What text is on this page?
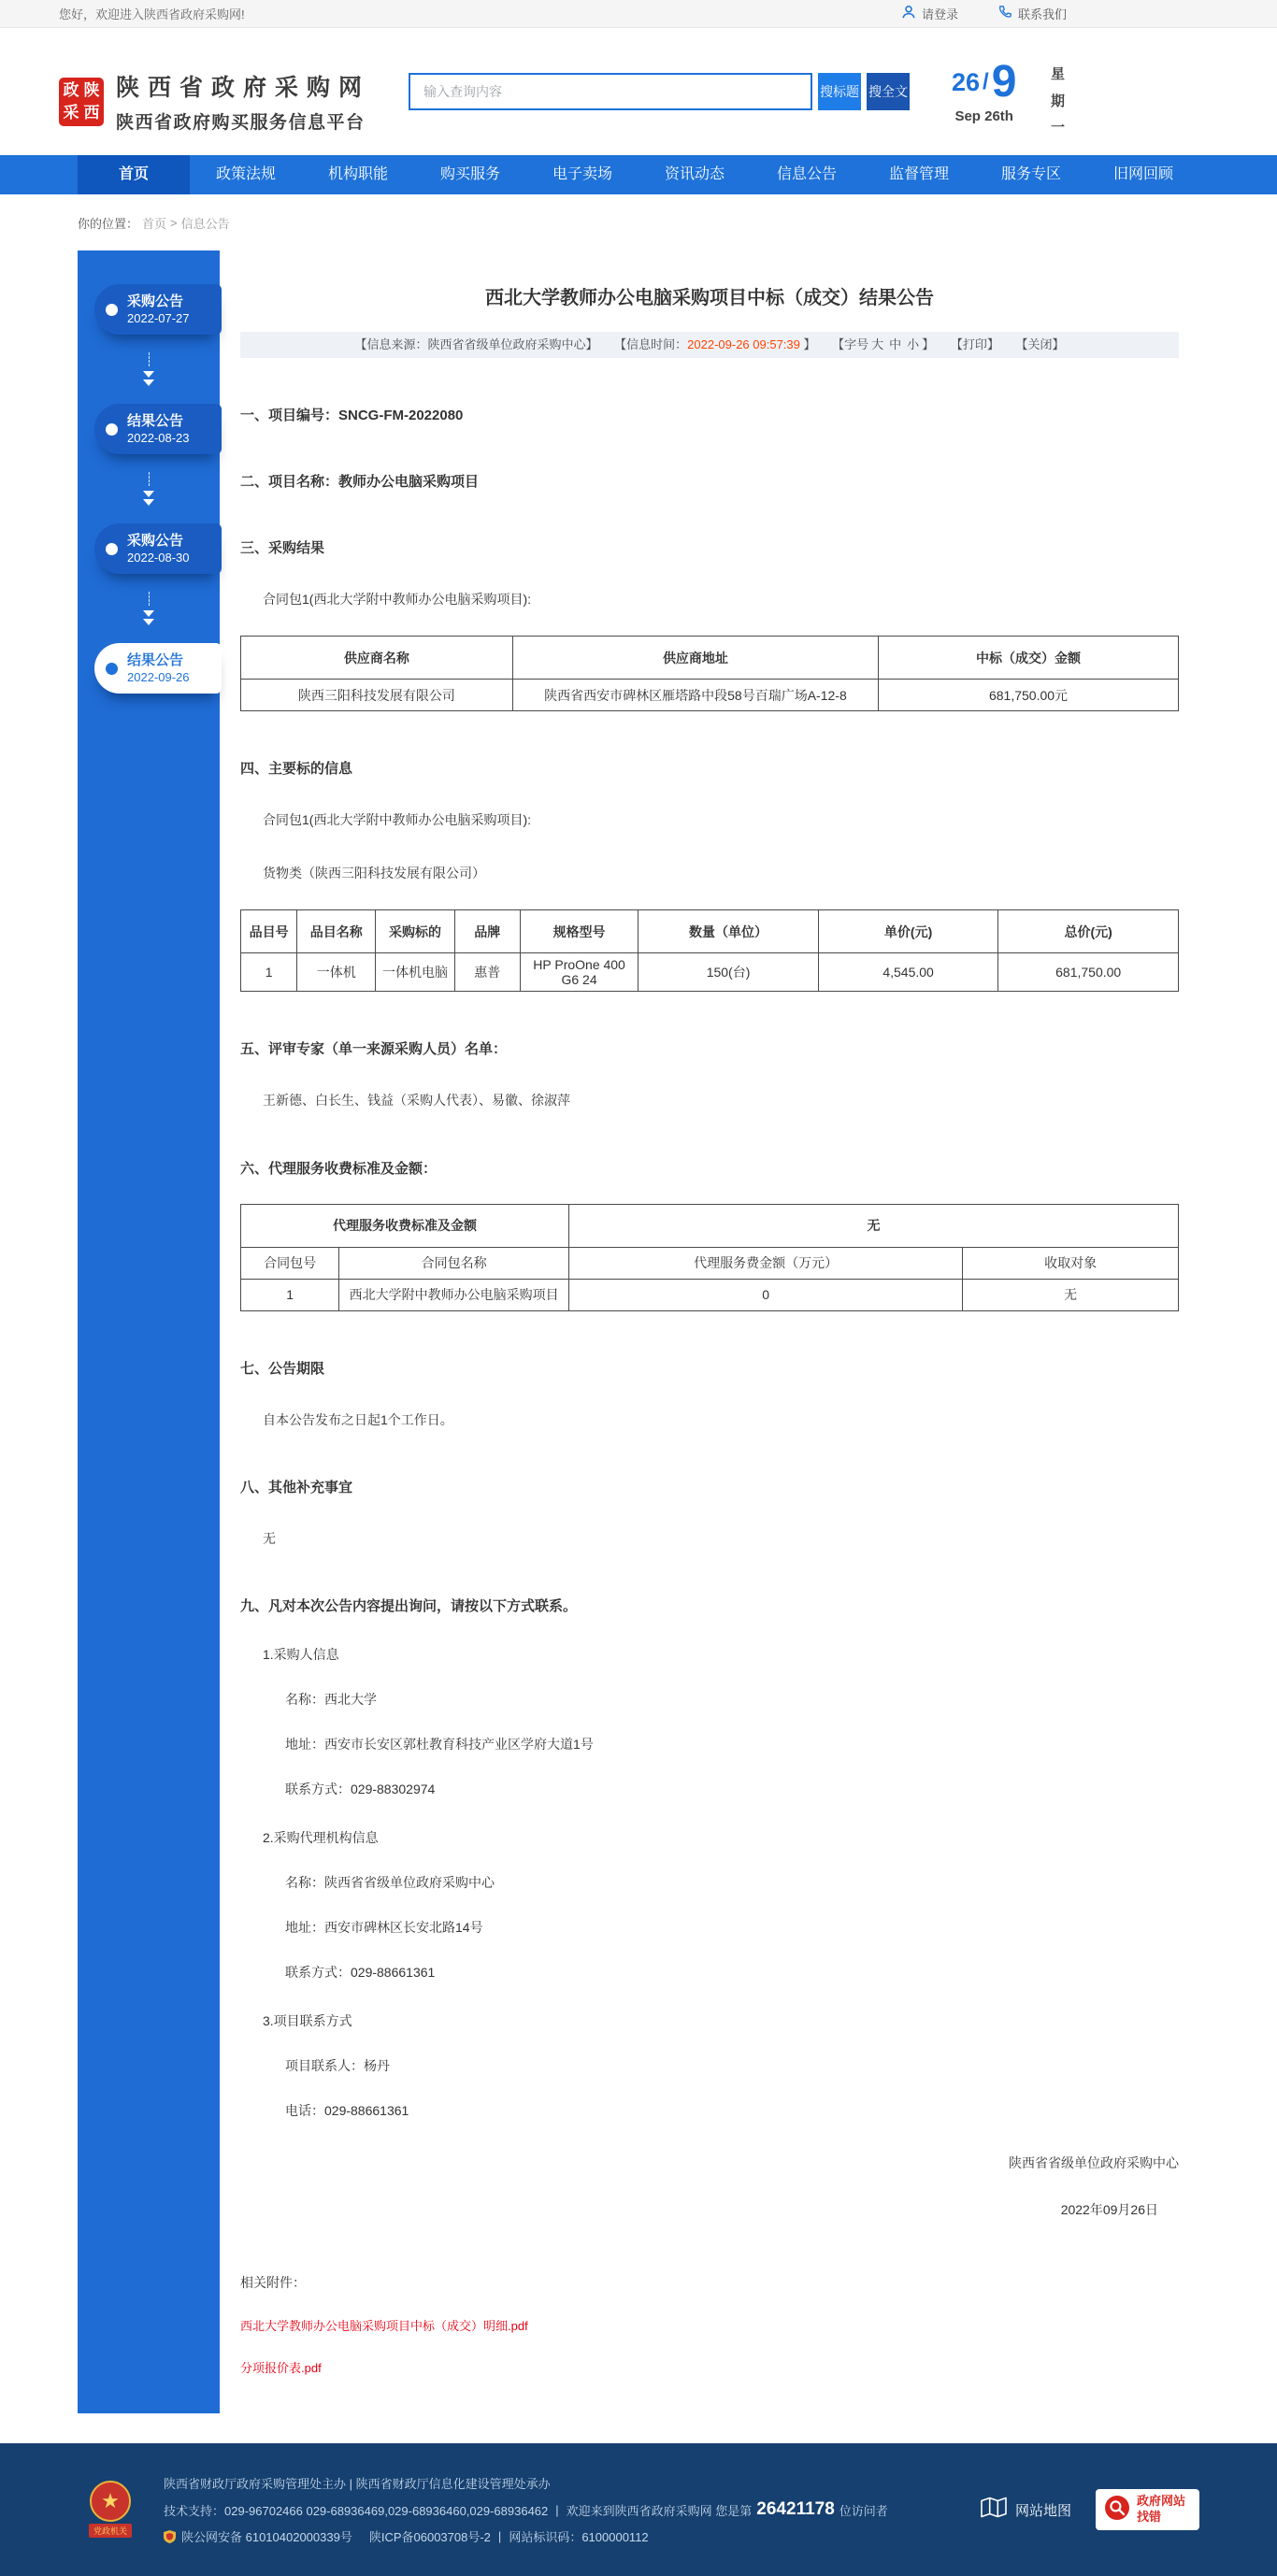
您好，欢迎进入陕西省政府采购网!	请登录	联系我们
政 陕
采 西
陕西省政府采购网
陕西省政府购买服务信息平台
输入查询内容
搜标题 搜全文 26 / 9
Sep 26th
星期一
首页	政策法规	机构职能	购买服务	电子卖场	资讯动态	信息公告	监督管理	服务专区	旧网回顾
你的位置： 首页 > 信息公告
采购公告
2022-07-27
结果公告
2022-08-23
采购公告
2022-08-30
结果公告
2022-09-26
西北大学教师办公电脑采购项目中标（成交）结果公告
【信息来源：陕西省省级单位政府采购中心】 【信息时间：2022-09-26 09:57:39 】 【字号 大 中 小 】 【打印】 【关闭】
一、项目编号：SNCG-FM-2022080
二、项目名称：教师办公电脑采购项目
三、采购结果

合同包1(西北大学附中教师办公电脑采购项目):

供应商名称	供应商地址	中标（成交）金额
陕西三阳科技发展有限公司	陕西省西安市碑林区雁塔路中段58号百瑞广场A-12-8	681,750.00元
四、主要标的信息

合同包1(西北大学附中教师办公电脑采购项目):

货物类（陕西三阳科技发展有限公司）

品目号	品目名称	采购标的	品牌	规格型号	数量（单位）	单价(元)	总价(元)
1	一体机	一体机电脑	惠普	HP ProOne 400 G6 24	150(台)	4,545.00	681,750.00
五、评审专家（单一来源采购人员）名单：

王新德、白长生、钱益（采购人代表）、易徽、徐淑萍

六、代理服务收费标准及金额：
代理服务收费标准及金额		无	
合同包号	合同包名称	代理服务费金额（万元）	收取对象
1	西北大学附中教师办公电脑采购项目	0	无
七、公告期限

自本公告发布之日起1个工作日。

八、其他补充事宜

无

九、凡对本次公告内容提出询问，请按以下方式联系。

1.采购人信息

名称：西北大学

地址：西安市长安区郭杜教育科技产业区学府大道1号

联系方式：029-88302974

2.采购代理机构信息

名称：陕西省省级单位政府采购中心

地址：西安市碑林区长安北路14号

联系方式：029-88661361

3.项目联系方式

项目联系人：杨丹

电话：029-88661361

陕西省省级单位政府采购中心
2022年09月26日
相关附件：
西北大学教师办公电脑采购项目中标（成交）明细.pdf
分项报价表.pdf
★
党政机关
陕西省财政厅政府采购管理处主办 | 陕西省财政厅信息化建设管理处承办
技术支持：029-96702466 029-68936469,029-68936460,029-68936462 | 欢迎来到陕西省政府采购网 您是第 26421178 位访问者
陕公网安备 61010402000339号 陕ICP备06003708号-2 | 网站标识码：6100000112
网站地图
政府网站找错
